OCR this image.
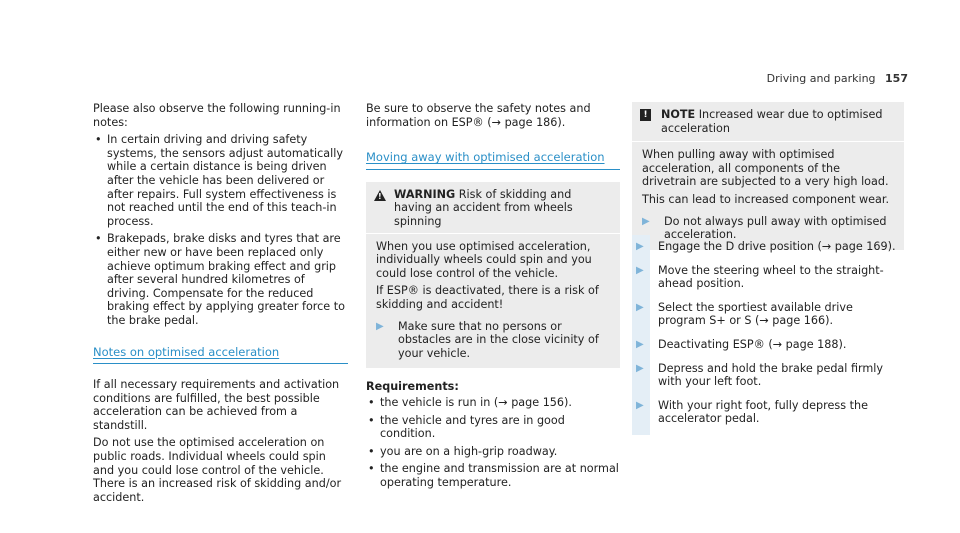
Driving and parking 157

Please also observe the following running-in notes:

• In certain driving and driving safety systems, the sensors adjust automatically while a certain distance is being driven after the vehicle has been delivered or after repairs. Full system effectiveness is not reached until the end of this teach-in process.
• Brakepads, brake disks and tyres that are either new or have been replaced only achieve optimum braking effect and grip after several hundred kilometres of driving. Compensate for the reduced braking effect by applying greater force to the brake pedal.
Notes on optimised acceleration

If all necessary requirements and activation conditions are fulfilled, the best possible acceleration can be achieved from a standstill.

Do not use the optimised acceleration on public roads. Individual wheels could spin and you could lose control of the vehicle. There is an increased risk of skidding and/or accident.

Be sure to observe the safety notes and information on ESP® (→ page 186).

Moving away with optimised acceleration
! WARNING Risk of skidding and having an accident from wheels spinning

When you use optimised acceleration, individually wheels could spin and you could lose control of the vehicle.

If ESP® is deactivated, there is a risk of skidding and accident!

▶	Make sure that no persons or obstacles are in the close vicinity of your vehicle.

Requirements:

• the vehicle is run in (→ page 156).
• the vehicle and tyres are in good condition.
• you are on a high-grip roadway.
• the engine and transmission are at normal operating temperature.
!	NOTE Increased wear due to optimised acceleration

When pulling away with optimised acceleration, all components of the drivetrain are subjected to a very high load.

This can lead to increased component wear.

▶	Do not always pull away with optimised acceleration.
▶	Engage the D drive position (→ page 169).
▶	Move the steering wheel to the straight-ahead position.
▶	Select the sportiest available drive program S+ or S (→ page 166).
▶	Deactivating ESP® (→ page 188).
▶	Depress and hold the brake pedal firmly with your left foot.
▶	With your right foot, fully depress the accelerator pedal.
